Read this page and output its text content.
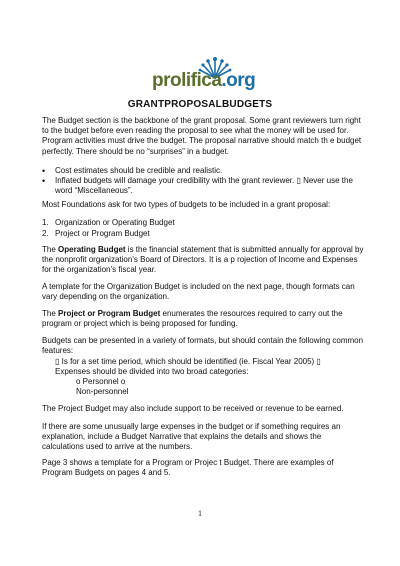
prolifica.org
GRANTPROPOSALBUDGETS
The Budget section is the backbone of the grant proposal. Some grant reviewers turn right to the budget before even reading the proposal to see what the money will be used for. Program activities must drive the budget. The proposal narrative should match th e budget perfectly. There should be no “surprises” in a budget.
• Cost estimates should be credible and realistic.
• Inflated budgets will damage your credibility with the grant reviewer. ▯ Never use the word “Miscellaneous”.
Most Foundations ask for two types of budgets to be included in a grant proposal:
1. Organization or Operating Budget
2. Project or Program Budget
The Operating Budget is the financial statement that is submitted annually for approval by the nonprofit organization’s Board of Directors. It is a p rojection of Income and Expenses for the organization’s fiscal year.
A template for the Organization Budget is included on the next page, though formats can vary depending on the organization.
The Project or Program Budget enumerates the resources required to carry out the program or project which is being proposed for funding.
Budgets can be presented in a variety of formats, but should contain the following common features:
▯ Is for a set time period, which should be identified (ie. Fiscal Year 2005) ▯
Expenses should be divided into two broad categories:
o Personnel o
Non-personnel
The Project Budget may also include support to be received or revenue to be earned.
If there are some unusually large expenses in the budget or if something requires an explanation, include a Budget Narrative that explains the details and shows the calculations used to arrive at the numbers.
Page 3 shows a template for a Program or Projec t Budget. There are examples of Program Budgets on pages 4 and 5.
1
